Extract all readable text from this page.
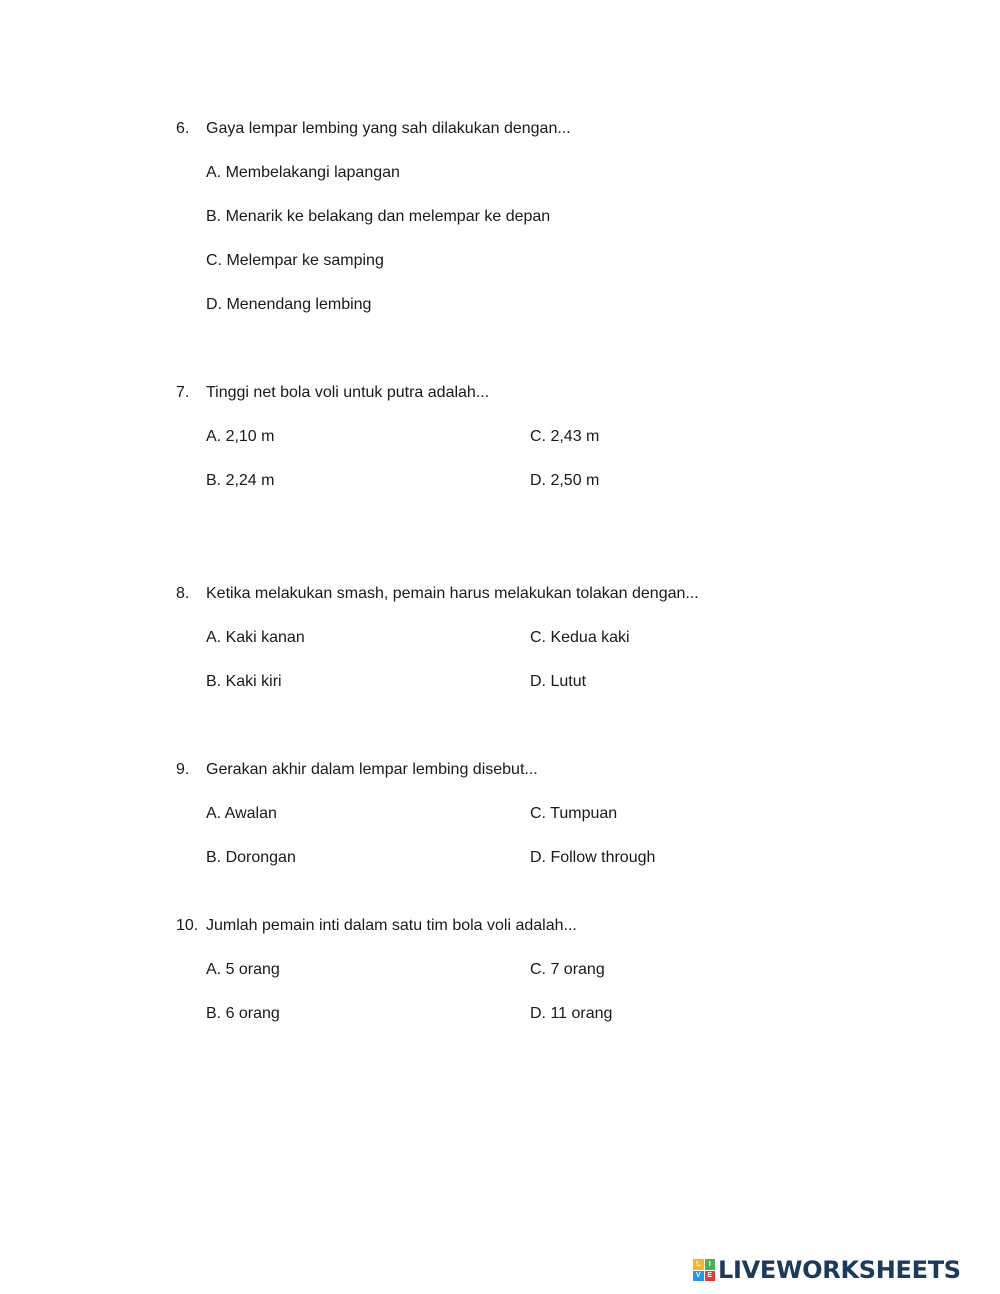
6. Gaya lempar lembing yang sah dilakukan dengan...
A. Membelakangi lapangan
B. Menarik ke belakang dan melempar ke depan
C. Melempar ke samping
D. Menendang lembing
7. Tinggi net bola voli untuk putra adalah...
A. 2,10 m
B. 2,24 m
C. 2,43 m
D. 2,50 m
8. Ketika melakukan smash, pemain harus melakukan tolakan dengan...
A. Kaki kanan
B. Kaki kiri
C. Kedua kaki
D. Lutut
9. Gerakan akhir dalam lempar lembing disebut...
A. Awalan
B. Dorongan
C. Tumpuan
D. Follow through
10. Jumlah pemain inti dalam satu tim bola voli adalah...
A. 5 orang
B. 6 orang
C. 7 orang
D. 11 orang
L	I
V E LIVEWORKSHEETS
